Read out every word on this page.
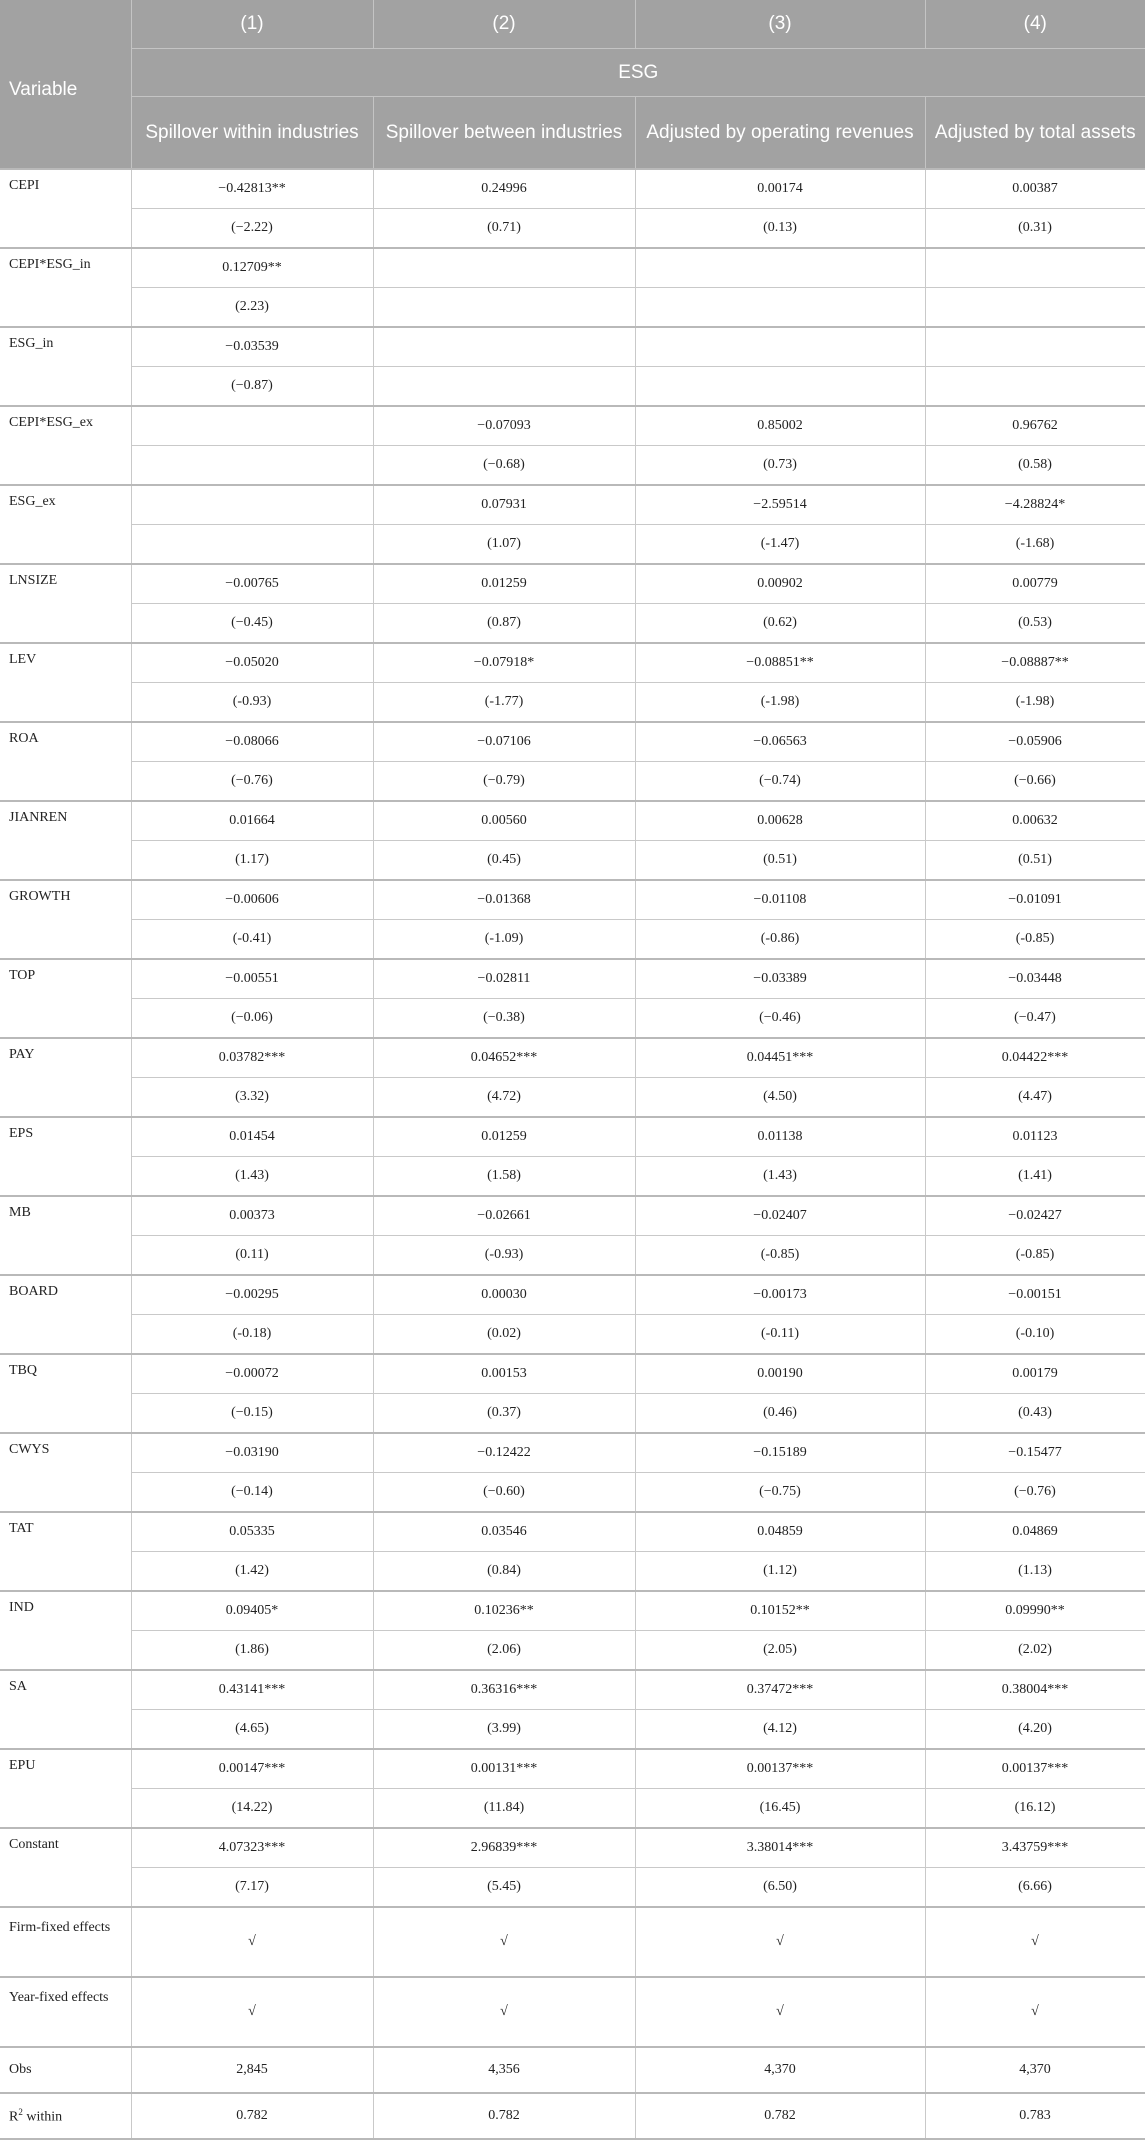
Variable	(1)	(2)	(3)	(4)
	ESG			
	Spillover within industries	Spillover between industries	Adjusted by operating revenues	Adjusted by total assets
CEPI	−0.42813**	0.24996	0.00174	0.00387
	(−2.22)	(0.71)	(0.13)	(0.31)
CEPI*ESG_in	0.12709**			
	(2.23)			
ESG_in	−0.03539			
	(−0.87)			
CEPI*ESG_ex		−0.07093	0.85002	0.96762
		(−0.68)	(0.73)	(0.58)
ESG_ex		0.07931	−2.59514	−4.28824*
		(1.07)	(-1.47)	(-1.68)
LNSIZE	−0.00765	0.01259	0.00902	0.00779
	(−0.45)	(0.87)	(0.62)	(0.53)
LEV	−0.05020	−0.07918*	−0.08851**	−0.08887**
	(-0.93)	(-1.77)	(-1.98)	(-1.98)
ROA	−0.08066	−0.07106	−0.06563	−0.05906
	(−0.76)	(−0.79)	(−0.74)	(−0.66)
JIANREN	0.01664	0.00560	0.00628	0.00632
	(1.17)	(0.45)	(0.51)	(0.51)
GROWTH	−0.00606	−0.01368	−0.01108	−0.01091
	(-0.41)	(-1.09)	(-0.86)	(-0.85)
TOP	−0.00551	−0.02811	−0.03389	−0.03448
	(−0.06)	(−0.38)	(−0.46)	(−0.47)
PAY	0.03782***	0.04652***	0.04451***	0.04422***
	(3.32)	(4.72)	(4.50)	(4.47)
EPS	0.01454	0.01259	0.01138	0.01123
	(1.43)	(1.58)	(1.43)	(1.41)
MB	0.00373	−0.02661	−0.02407	−0.02427
	(0.11)	(-0.93)	(-0.85)	(-0.85)
BOARD	−0.00295	0.00030	−0.00173	−0.00151
	(-0.18)	(0.02)	(-0.11)	(-0.10)
TBQ	−0.00072	0.00153	0.00190	0.00179
	(−0.15)	(0.37)	(0.46)	(0.43)
CWYS	−0.03190	−0.12422	−0.15189	−0.15477
	(−0.14)	(−0.60)	(−0.75)	(−0.76)
TAT	0.05335	0.03546	0.04859	0.04869
	(1.42)	(0.84)	(1.12)	(1.13)
IND	0.09405*	0.10236**	0.10152**	0.09990**
	(1.86)	(2.06)	(2.05)	(2.02)
SA	0.43141***	0.36316***	0.37472***	0.38004***
	(4.65)	(3.99)	(4.12)	(4.20)
EPU	0.00147***	0.00131***	0.00137***	0.00137***
	(14.22)	(11.84)	(16.45)	(16.12)
Constant	4.07323***	2.96839***	3.38014***	3.43759***
	(7.17)	(5.45)	(6.50)	(6.66)
Firm-fixed effects	√	√	√	√
Year-fixed effects	√	√	√	√
Obs	2,845	4,356	4,370	4,370
$R^2$ within	0.782	0.782	0.782	0.783
